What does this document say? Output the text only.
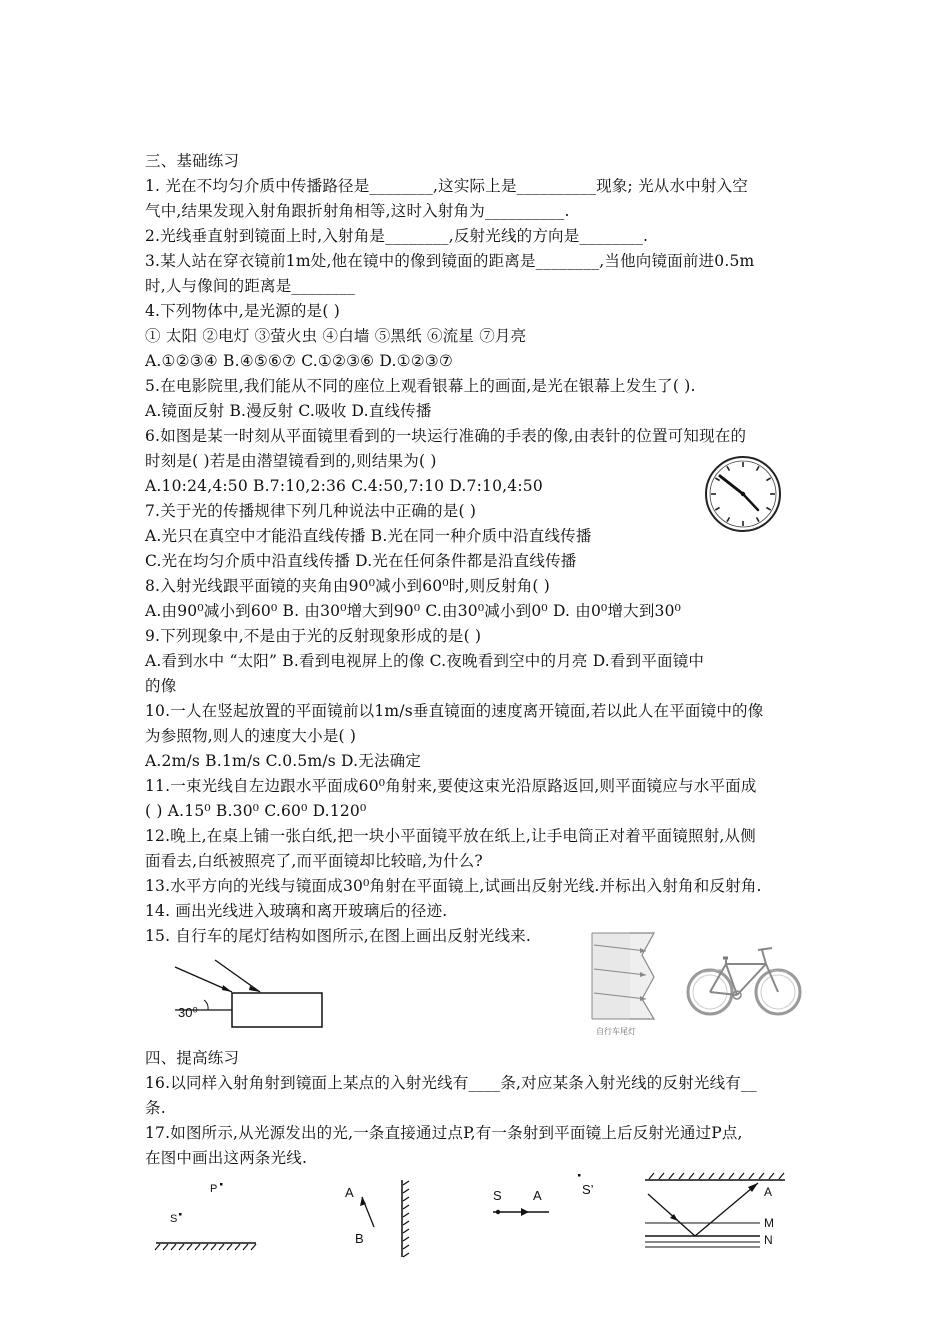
三、基础练习
1. 光在不均匀介质中传播路径是________,这实际上是__________现象; 光从水中射入空
气中,结果发现入射角跟折射角相等,这时入射角为__________.
2.光线垂直射到镜面上时,入射角是________,反射光线的方向是________.
3.某人站在穿衣镜前1m处,他在镜中的像到镜面的距离是________,当他向镜面前进0.5m
时,人与像间的距离是________
4.下列物体中,是光源的是( )
① 太阳 ②电灯 ③萤火虫 ④白墙 ⑤黑纸 ⑥流星 ⑦月亮
A.①②③④ B.④⑤⑥⑦ C.①②③⑥ D.①②③⑦
5.在电影院里,我们能从不同的座位上观看银幕上的画面,是光在银幕上发生了( ).
A.镜面反射 B.漫反射 C.吸收 D.直线传播
6.如图是某一时刻从平面镜里看到的一块运行准确的手表的像,由表针的位置可知现在的
时刻是( )若是由潜望镜看到的,则结果为( )
A.10:24,4:50 B.7:10,2:36 C.4:50,7:10 D.7:10,4:50
7.关于光的传播规律下列几种说法中正确的是( )
A.光只在真空中才能沿直线传播 B.光在同一种介质中沿直线传播
C.光在均匀介质中沿直线传播 D.光在任何条件都是沿直线传播
8.入射光线跟平面镜的夹角由90⁰减小到60⁰时,则反射角( )
A.由90⁰减小到60⁰ B. 由30⁰增大到90⁰ C.由30⁰减小到0⁰ D. 由0⁰增大到30⁰
9.下列现象中,不是由于光的反射现象形成的是( )
A.看到水中 “太阳” B.看到电视屏上的像 C.夜晚看到空中的月亮 D.看到平面镜中
的像
10.一人在竖起放置的平面镜前以1m/s垂直镜面的速度离开镜面,若以此人在平面镜中的像
为参照物,则人的速度大小是( )
A.2m/s B.1m/s C.0.5m/s D.无法确定
11.一束光线自左边跟水平面成60⁰角射来,要使这束光沿原路返回,则平面镜应与水平面成
( ) A.15⁰ B.30⁰ C.60⁰ D.120⁰
12.晚上,在桌上铺一张白纸,把一块小平面镜平放在纸上,让手电筒正对着平面镜照射,从侧
面看去,白纸被照亮了,而平面镜却比较暗,为什么?
13.水平方向的光线与镜面成30⁰角射在平面镜上,试画出反射光线.并标出入射角和反射角.
14. 画出光线进入玻璃和离开玻璃后的径迹.
15. 自行车的尾灯结构如图所示,在图上画出反射光线来.
四、提高练习
16.以同样入射角射到镜面上某点的入射光线有____条,对应某条入射光线的反射光线有__
条.
17.如图所示,从光源发出的光,一条直接通过点P,有一条射到平面镜上后反射光通过P点,
在图中画出这两条光线.
30⁰
自行车尾灯
P
S
A
B
S A	S’	A
M
N
